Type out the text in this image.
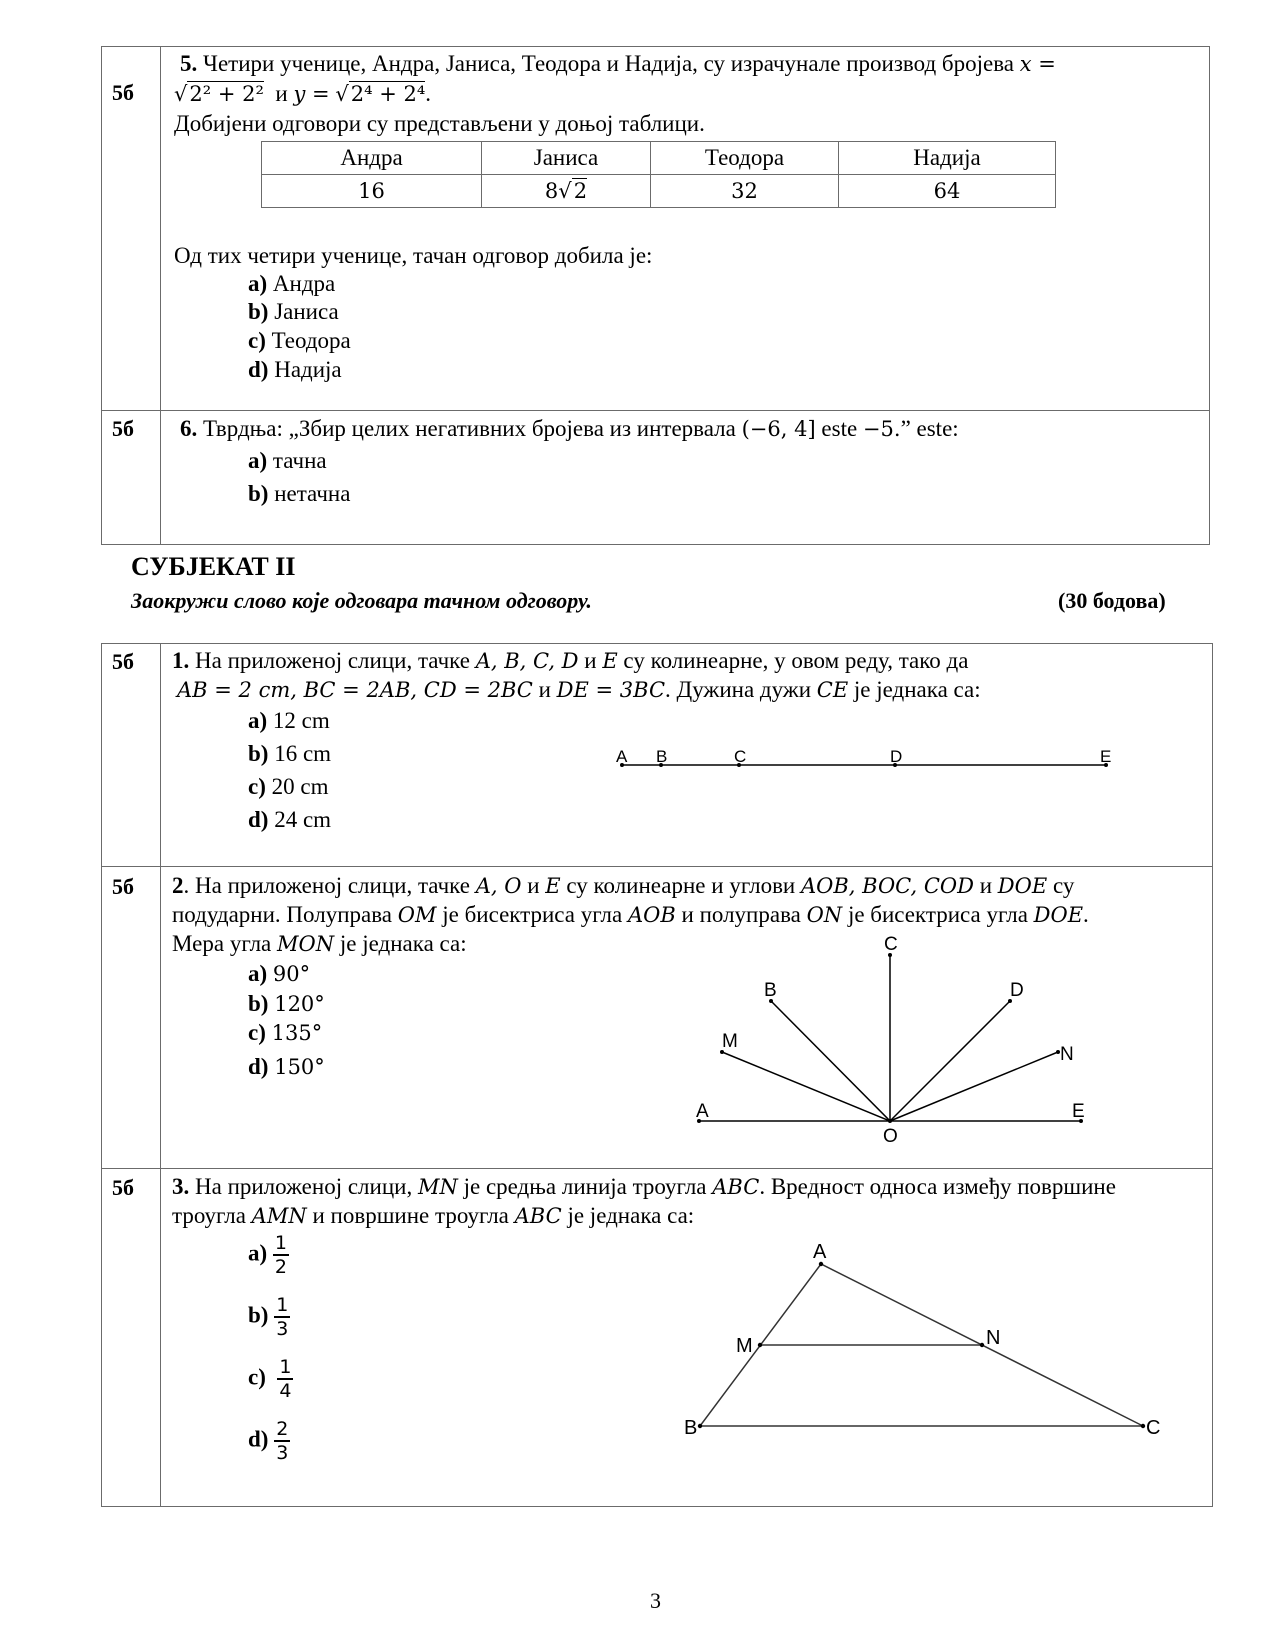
5б
5. Четири ученице, Андра, Јаниса, Теодора и Надија, су израчунале производ бројева x =
√2² + 2² и y = √2⁴ + 2⁴.
Добијени одговори су представљени у доњој таблици.
Андра	Јаниса	Теодора	Надија
16	8√2	32	64
Од тих четири ученице, тачан одговор добила је:
a) Андра
b) Јаниса
c) Теодора
d) Надија
5б 6. Тврдња: „Збир целих негативних бројева из интервала (−6, 4] este −5.” este:
a) тачна
b) нетачна
СУБЈЕКАТ II
Заокружи слово које одговара тачном одговору.	(30 бодова)
5б 1. На приложеној слици, тачке A, B, C, D и E су колинеарне, у овом реду, тако да
AB = 2 cm, BC = 2AB, CD = 2BC и DE = 3BC. Дужина дужи CE је једнака са:
a) 12 cm
b) 16 cm
c) 20 cm
d) 24 cm
A B	C	D	E
5б 2. На приложеној слици, тачке A, O и E су колинеарне и углови AOB, BOC, COD и DOE су
подударни. Полуправа OM је бисектриса угла AOB и полуправа ON је бисектриса угла DOE.
Мера угла MON је једнака са:
a) 90°
b) 120°
c) 135°
d) 150°
A	E
C
B	D
M
N
O
5б 3. На приложеној слици, MN је средња линија троугла ABC. Вредност односа између површине
троугла AMN и површине троугла ABC је једнака са:
$a) \frac{1}{2}$
$b) \frac{1}{3}$
$c) \frac{1}{4}$
$d) \frac{2}{3}$
A
M	N
B	C
3
